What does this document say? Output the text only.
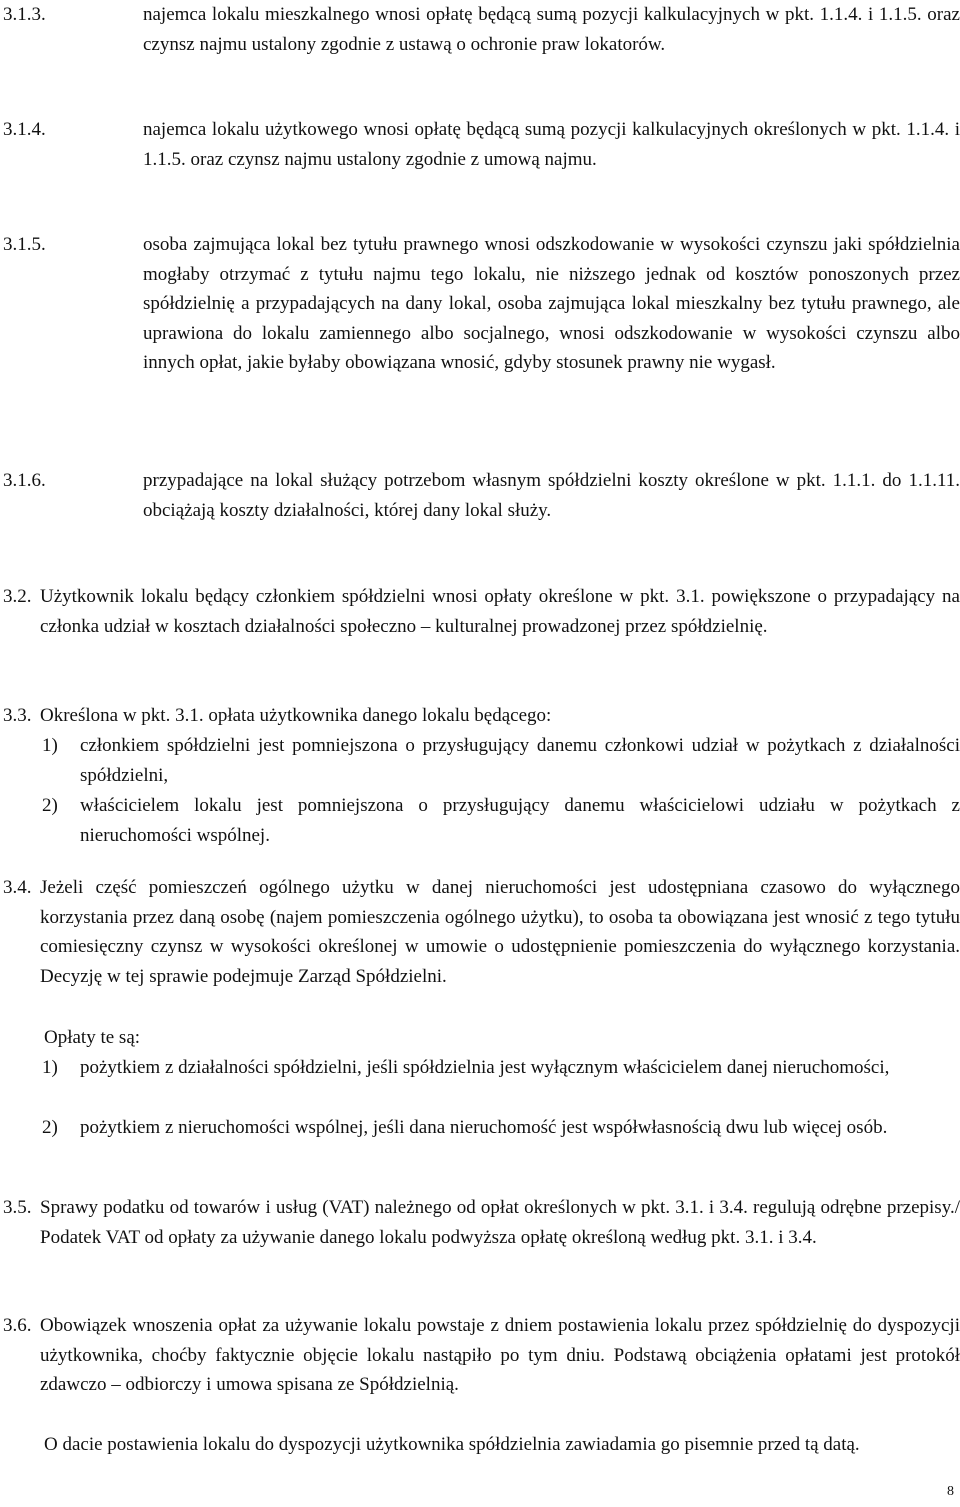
3.1.3.	najemca lokalu mieszkalnego wnosi opłatę będącą sumą pozycji kalkulacyjnych w pkt. 1.1.4. i 1.1.5. oraz czynsz najmu ustalony zgodnie z ustawą o ochronie praw lokatorów.
3.1.4.	najemca lokalu użytkowego wnosi opłatę będącą sumą pozycji kalkulacyjnych określonych w pkt. 1.1.4. i 1.1.5. oraz czynsz najmu ustalony zgodnie z umową najmu.
3.1.5.	osoba zajmująca lokal bez tytułu prawnego wnosi odszkodowanie w wysokości czynszu jaki spółdzielnia mogłaby otrzymać z tytułu najmu tego lokalu, nie niższego jednak od kosztów ponoszonych przez spółdzielnię a przypadających na dany lokal, osoba zajmująca lokal mieszkalny bez tytułu prawnego, ale uprawiona do lokalu zamiennego albo socjalnego, wnosi odszkodowanie w wysokości czynszu albo innych opłat, jakie byłaby obowiązana wnosić, gdyby stosunek prawny nie wygasł.
3.1.6.	przypadające na lokal służący potrzebom własnym spółdzielni koszty określone w pkt. 1.1.1. do 1.1.11. obciążają koszty działalności, której dany lokal służy.
3.2. Użytkownik lokalu będący członkiem spółdzielni wnosi opłaty określone w pkt. 3.1. powiększone o przypadający na członka udział w kosztach działalności społeczno – kulturalnej prowadzonej przez spółdzielnię.
3.3. Określona w pkt. 3.1. opłata użytkownika danego lokalu będącego:
1) członkiem spółdzielni jest pomniejszona o przysługujący danemu członkowi udział w pożytkach z działalności spółdzielni,
2) właścicielem lokalu jest pomniejszona o przysługujący danemu właścicielowi udziału w pożytkach z nieruchomości wspólnej.
3.4. Jeżeli część pomieszczeń ogólnego użytku w danej nieruchomości jest udostępniana czasowo do wyłącznego korzystania przez daną osobę (najem pomieszczenia ogólnego użytku), to osoba ta obowiązana jest wnosić z tego tytułu comiesięczny czynsz w wysokości określonej w umowie o udostępnienie pomieszczenia do wyłącznego korzystania. Decyzję w tej sprawie podejmuje Zarząd Spółdzielni.
Opłaty te są:
1) pożytkiem z działalności spółdzielni, jeśli spółdzielnia jest wyłącznym właścicielem danej nieruchomości,
2) pożytkiem z nieruchomości wspólnej, jeśli dana nieruchomość jest współwłasnością dwu lub więcej osób.
3.5. Sprawy podatku od towarów i usług (VAT) należnego od opłat określonych w pkt. 3.1. i 3.4. regulują odrębne przepisy./ Podatek VAT od opłaty za używanie danego lokalu podwyższa opłatę określoną według pkt. 3.1. i 3.4.
3.6. Obowiązek wnoszenia opłat za używanie lokalu powstaje z dniem postawienia lokalu przez spółdzielnię do dyspozycji użytkownika, choćby faktycznie objęcie lokalu nastąpiło po tym dniu. Podstawą obciążenia opłatami jest protokół zdawczo – odbiorczy i umowa spisana ze Spółdzielnią.
O dacie postawienia lokalu do dyspozycji użytkownika spółdzielnia zawiadamia go pisemnie przed tą datą.
8
